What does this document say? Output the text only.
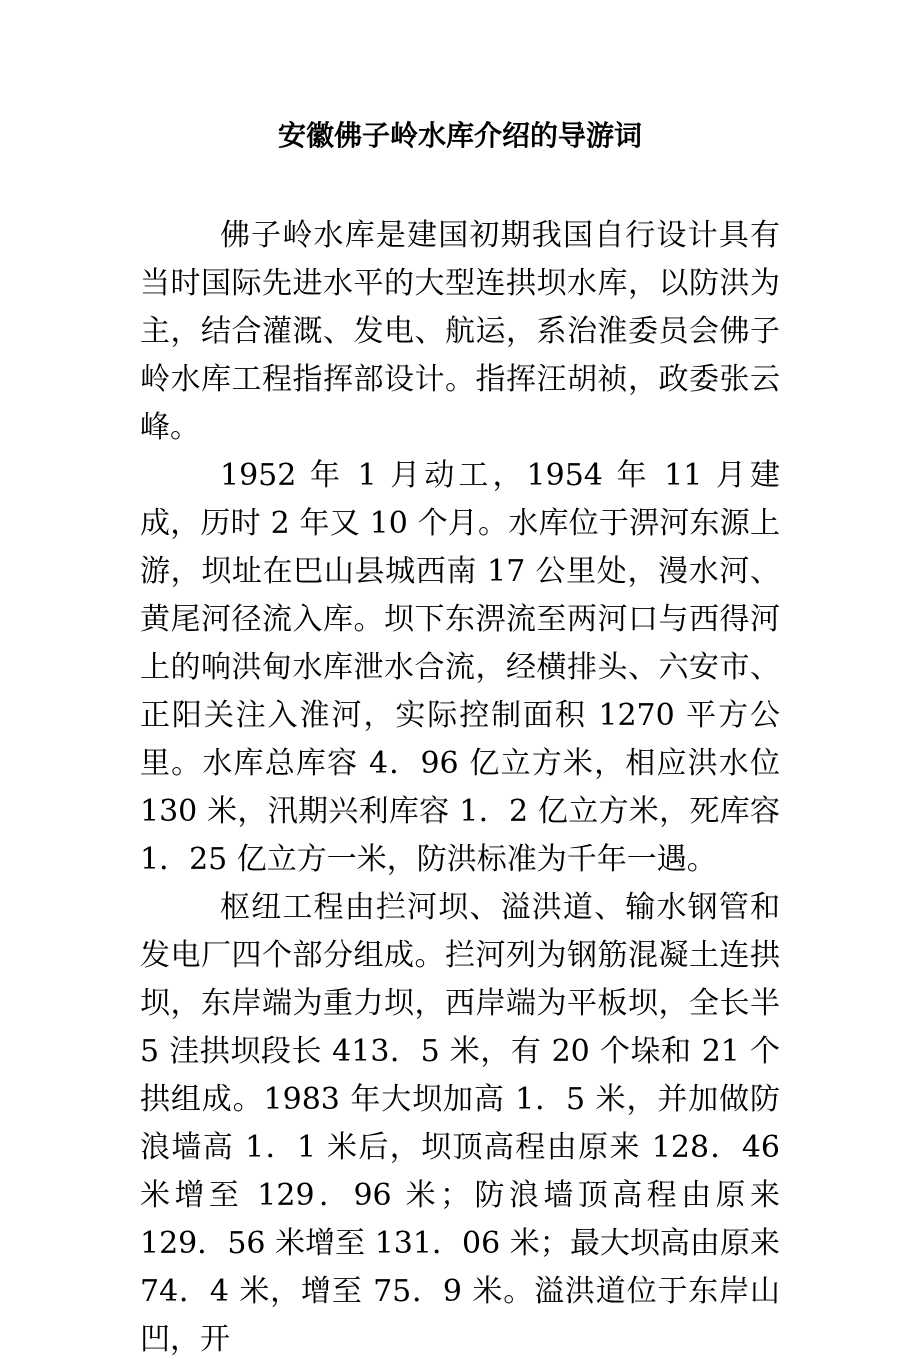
安徽佛子岭水库介绍的导游词

佛子岭水库是建国初期我国自行设计具有当时国际先进水平的大型连拱坝水库，以防洪为主，结合灌溉、发电、航运，系治淮委员会佛子岭水库工程指挥部设计。指挥汪胡祯，政委张云峰。

1952 年 1 月动工，1954 年 11 月建成，历时 2 年又 10 个月。水库位于淠河东源上游，坝址在巴山县城西南 17 公里处，漫水河、黄尾河径流入库。坝下东淠流至两河口与西得河上的响洪甸水库泄水合流，经横排头、六安市、正阳关注入淮河，实际控制面积 1270 平方公里。水库总库容 4．96 亿立方米，相应洪水位 130 米，汛期兴利库容 1．2 亿立方米，死库容 1．25 亿立方一米，防洪标准为千年一遇。

枢纽工程由拦河坝、溢洪道、输水钢管和发电厂四个部分组成。拦河列为钢筋混凝土连拱坝，东岸端为重力坝，西岸端为平板坝，全长半 5 洼拱坝段长 413．5 米，有 20 个垛和 21 个拱组成。1983 年大坝加高 1．5 米，并加做防浪墙高 1．1 米后，坝顶高程由原来 128．46 米增至 129．96 米；防浪墙顶高程由原来 129．56 米增至 131．06 米；最大坝高由原来 74．4 米，增至 75．9 米。溢洪道位于东岸山凹，开
